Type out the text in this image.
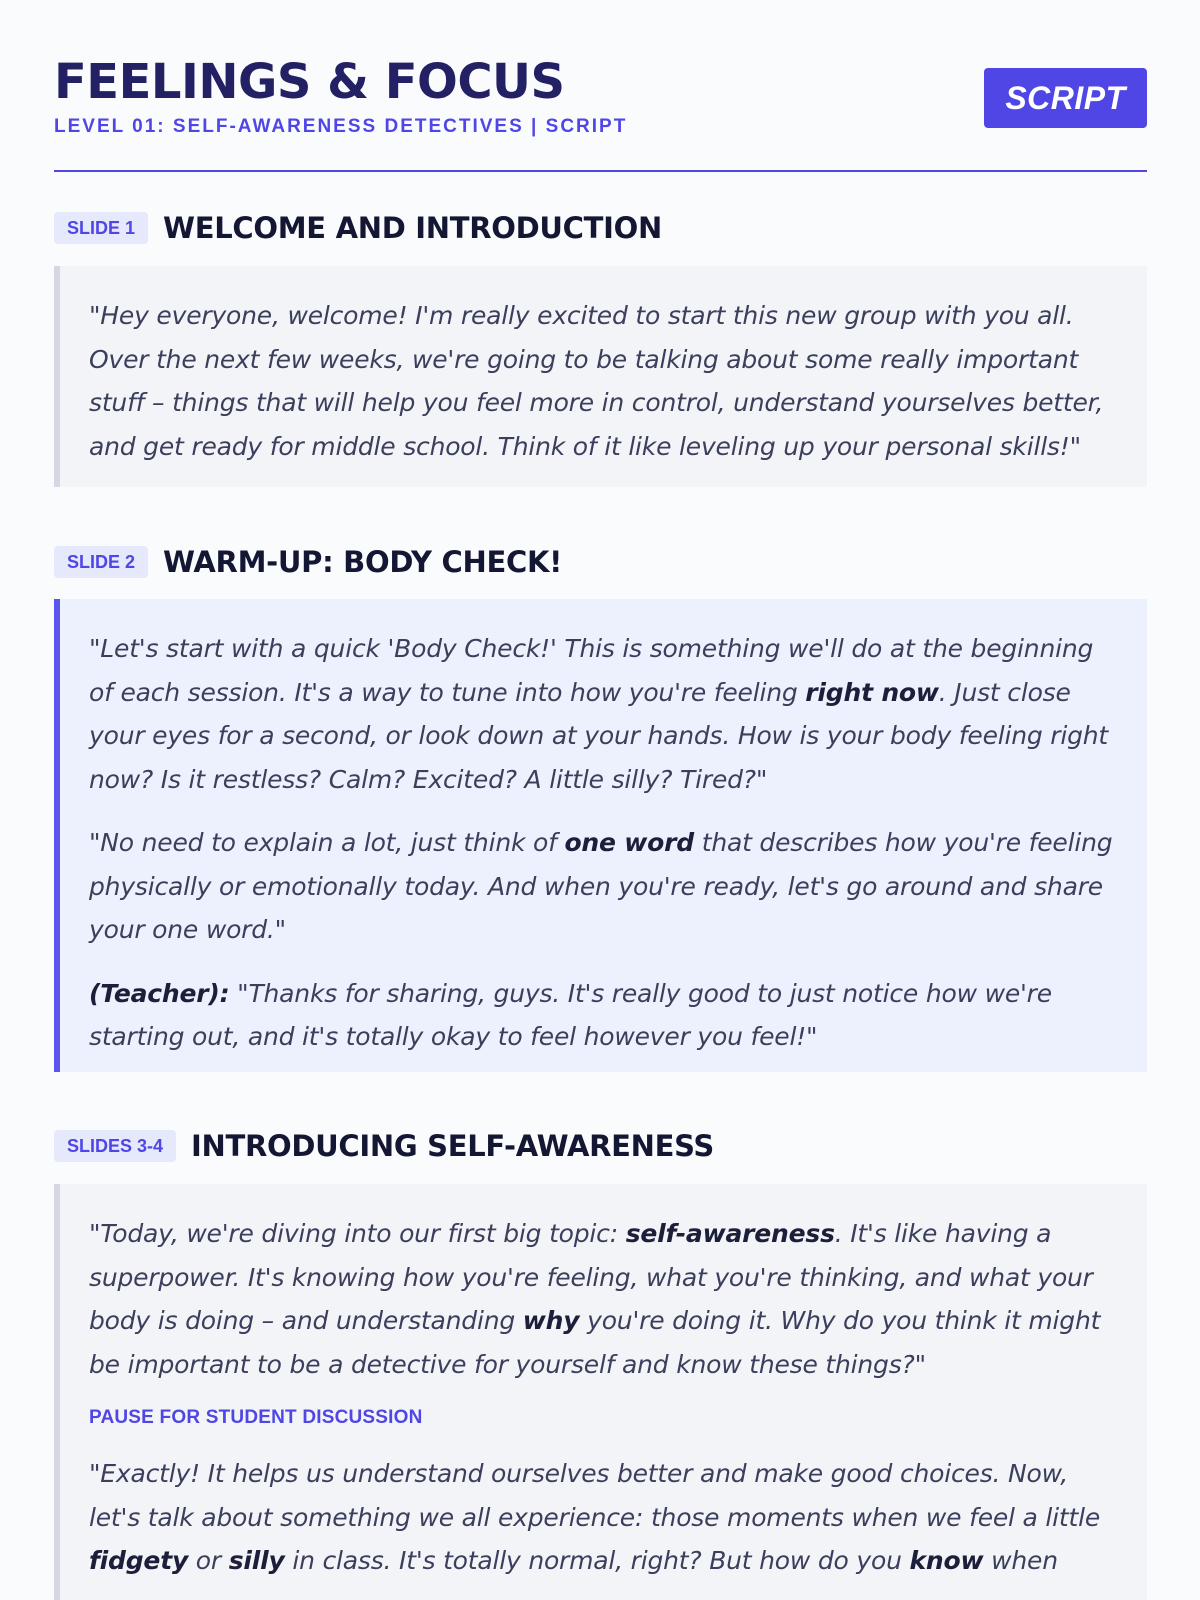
FEELINGS & FOCUS
LEVEL 01: SELF-AWARENESS DETECTIVES | SCRIPT
SCRIPT
SLIDE 1 WELCOME AND INTRODUCTION

"Hey everyone, welcome! I'm really excited to start this new group with you all. Over the next few weeks, we're going to be talking about some really important stuff – things that will help you feel more in control, understand yourselves better, and get ready for middle school. Think of it like leveling up your personal skills!"

SLIDE 2 WARM-UP: BODY CHECK!

"Let's start with a quick 'Body Check!' This is something we'll do at the beginning of each session. It's a way to tune into how you're feeling right now. Just close your eyes for a second, or look down at your hands. How is your body feeling right now? Is it restless? Calm? Excited? A little silly? Tired?"

"No need to explain a lot, just think of one word that describes how you're feeling physically or emotionally today. And when you're ready, let's go around and share your one word."

(Teacher): "Thanks for sharing, guys. It's really good to just notice how we're starting out, and it's totally okay to feel however you feel!"

SLIDES 3-4 INTRODUCING SELF-AWARENESS

"Today, we're diving into our first big topic: self-awareness. It's like having a superpower. It's knowing how you're feeling, what you're thinking, and what your body is doing – and understanding why you're doing it. Why do you think it might be important to be a detective for yourself and know these things?"

PAUSE FOR STUDENT DISCUSSION

"Exactly! It helps us understand ourselves better and make good choices. Now, let's talk about something we all experience: those moments when we feel a little fidgety or silly in class. It's totally normal, right? But how do you know when
